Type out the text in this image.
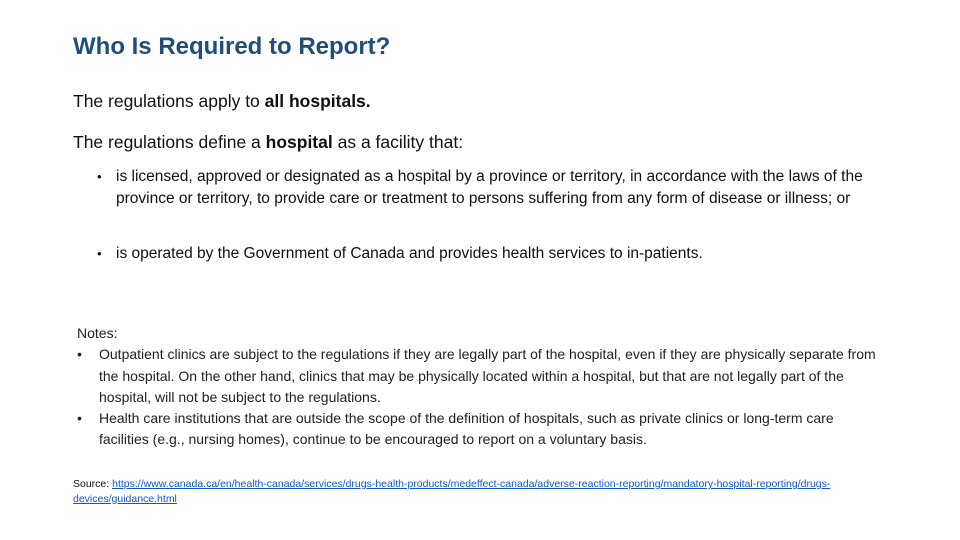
Who Is Required to Report?
The regulations apply to all hospitals.
The regulations define a hospital as a facility that:
• is licensed, approved or designated as a hospital by a province or territory, in accordance with the laws of the province or territory, to provide care or treatment to persons suffering from any form of disease or illness; or
• is operated by the Government of Canada and provides health services to in-patients.
Notes:
• Outpatient clinics are subject to the regulations if they are legally part of the hospital, even if they are physically separate from the hospital. On the other hand, clinics that may be physically located within a hospital, but that are not legally part of the hospital, will not be subject to the regulations.
• Health care institutions that are outside the scope of the definition of hospitals, such as private clinics or long-term care facilities (e.g., nursing homes), continue to be encouraged to report on a voluntary basis.
Source: https://www.canada.ca/en/health-canada/services/drugs-health-products/medeffect-canada/adverse-reaction-reporting/mandatory-hospital-reporting/drugs-devices/guidance.html
